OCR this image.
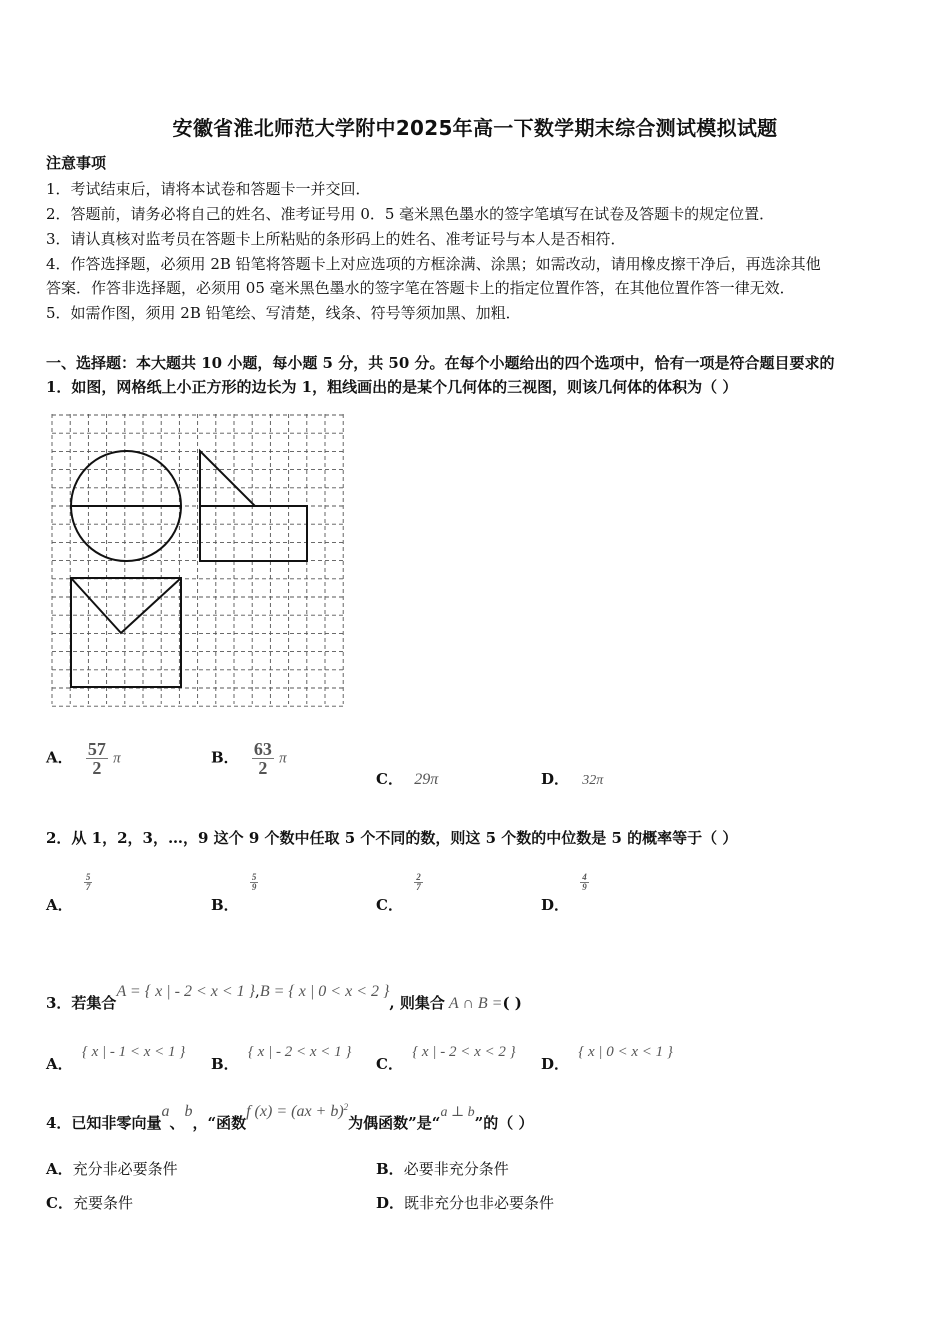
安徽省淮北师范大学附中2025年高一下数学期末综合测试模拟试题
注意事项
1．考试结束后，请将本试卷和答题卡一并交回．
2．答题前，请务必将自己的姓名、准考证号用 0．5 毫米黑色墨水的签字笔填写在试卷及答题卡的规定位置．
3．请认真核对监考员在答题卡上所粘贴的条形码上的姓名、准考证号与本人是否相符．
4．作答选择题，必须用 2B 铅笔将答题卡上对应选项的方框涂满、涂黑；如需改动，请用橡皮擦干净后，再选涂其他
答案．作答非选择题，必须用 05 毫米黑色墨水的签字笔在答题卡上的指定位置作答，在其他位置作答一律无效．
5．如需作图，须用 2B 铅笔绘、写清楚，线条、符号等须加黑、加粗．
一、选择题：本大题共 10 小题，每小题 5 分，共 50 分。在每个小题给出的四个选项中，恰有一项是符合题目要求的
1．如图，网格纸上小正方形的边长为 1，粗线画出的是某个几何体的三视图，则该几何体的体积为（ ）
A． $\frac{57}{2}$ π	B． $\frac{63}{2}$ π
C． 29π	D． 32π
2．从 1，2，3，…，9 这个 9 个数中任取 5 个不同的数，则这 5 个数的中位数是 5 的概率等于（ ）
A．
$\frac{5}{7}$
B．
$\frac{5}{9}$
C．
$\frac{2}{7}$
D．
$\frac{4}{9}$
3．若集合A = { x | - 2 < x < 1 },B = { x | 0 < x < 2 }, 则集合 A ∩ B =( )
A． { x | - 1 < x < 1 }
B． { x | - 2 < x < 1 }
C． { x | - 2 < x < 2 }
D． { x | 0 < x < 1 }
4．已知非零向量a、b，“函数f (x) = (ax + b)$^2$为偶函数”是“a ⊥ b”的（ ）
A．充分非必要条件	B．必要非充分条件
C．充要条件	D．既非充分也非必要条件
